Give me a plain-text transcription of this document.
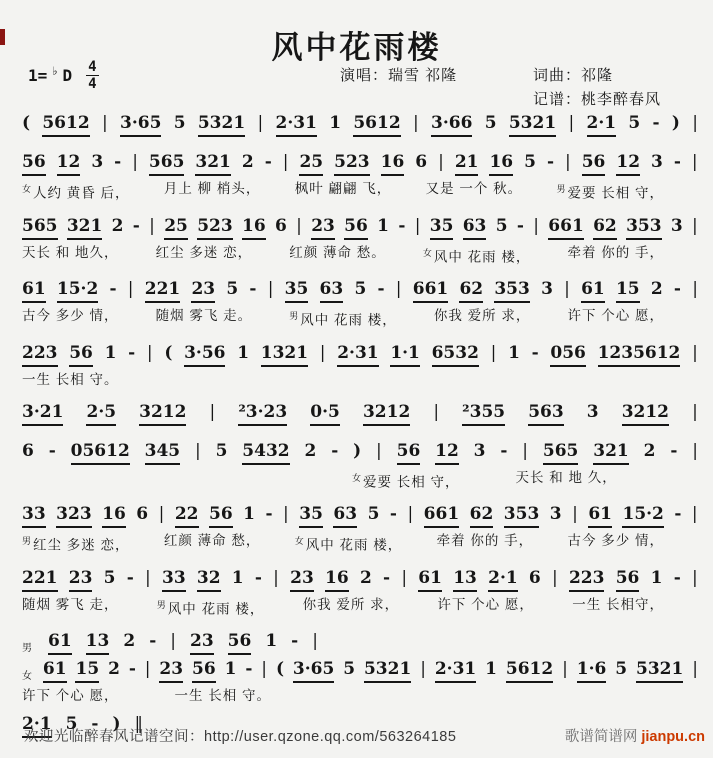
风中花雨楼
1= ♭ D 4
4	演唱：瑞雪 祁隆	词曲：祁隆
记谱：桃李醉春风
( 5612 | 3·65 5 5321 | 2·31 1 5612 | 3·66 5 5321 | 2·1 5 - ) |
56 12 3 - | 565 321 2 - | 25 523 16 6 | 21 16 5 - | 56 12 3 - |
$^女$人约 黄昏 后，	月上 柳 梢头，	枫叶 翩翩 飞，	又是 一个 秋。	$^男$爱要 长相 守，
565 321 2 - | 25 523 16 6 | 23 56 1 - | 35 63 5 - | 661 62 353 3 |
天长 和 地久，	红尘 多迷 恋，	红颜 薄命 愁。	$^女$风中 花雨 楼，	牵着 你的 手，
61 15·2 - | 221 23 5 - | 35 63 5 - | 661 62 353 3 | 61 15 2 - |
古今 多少 情，	随烟 雾飞 走。	$^男$风中 花雨 楼，	你我 爱所 求，	许下 个心 愿，
223 56 1 - | ( 3·56 1 1321 | 2·31 1·1 6532 | 1 - 056 1235612 |
一生 长相 守。
3·21 2·5 3212 | ²3·23 0·5 3212 | ²355 563 3 3212 |
6 - 05612 345 | 5 5432 2 - ) | 56 12 3 - | 565 321 2 - |
$^女$爱要 长相 守，	天长 和 地 久，
33 323 16 6 | 22 56 1 - | 35 63 5 - | 661 62 353 3 | 61 15·2 - |
$^男$红尘 多迷 恋，	红颜 薄命 愁，	$^女$风中 花雨 楼，	牵着 你的 手，	古今 多少 情，
221 23 5 - | 33 32 1 - | 23 16 2 - | 61 13 2·1 6 | 223 56 1 - |
随烟 雾飞 走，	$^男$风中 花雨 楼，	你我 爱所 求，	许下 个心 愿，	一生 长相守，
男 61 13 2 - | 23 56 1 - |
女 61 15 2 - | 23 56 1 - | ( 3·65 5 5321 | 2·31 1 5612 | 1·6 5 5321 |
许下 个心 愿，	一生 长相 守。
2·1 5 - ) ‖
欢迎光临醉春风记谱空间：http://user.qzone.qq.com/563264185	歌谱简谱网 jianpu.cn
